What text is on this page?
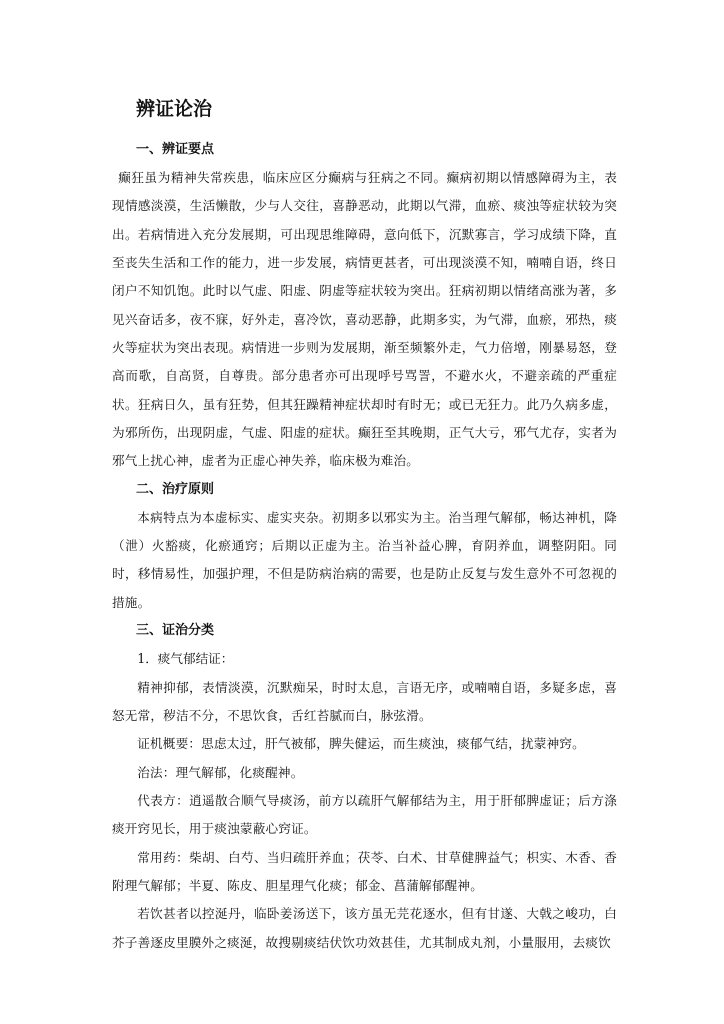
辨证论治
一、辨证要点

癫狂虽为精神失常疾患，临床应区分癫病与狂病之不同。癫病初期以情感障碍为主，表现情感淡漠，生活懒散，少与人交往，喜静恶动，此期以气滞，血瘀、痰浊等症状较为突出。若病情进入充分发展期，可出现思维障碍，意向低下，沉默寡言，学习成绩下降，直至丧失生活和工作的能力，进一步发展，病情更甚者，可出现淡漠不知，喃喃自语，终日闭户不知饥饱。此时以气虚、阳虚、阴虚等症状较为突出。狂病初期以情绪高涨为著，多见兴奋话多，夜不寐，好外走，喜冷饮，喜动恶静，此期多实，为气滞，血瘀，邪热，痰火等症状为突出表现。病情进一步则为发展期，渐至频繁外走，气力倍增，刚暴易怒，登高而歌，自高贤，自尊贵。部分患者亦可出现呼号骂詈，不避水火，不避亲疏的严重症状。狂病日久，虽有狂势，但其狂躁精神症状却时有时无；或已无狂力。此乃久病多虚，为邪所伤，出现阴虚，气虚、阳虚的症状。癫狂至其晚期，正气大亏，邪气尤存，实者为邪气上扰心神，虚者为正虚心神失养，临床极为难治。

二、治疗原则

本病特点为本虚标实、虚实夹杂。初期多以邪实为主。治当理气解郁，畅达神机，降（泄）火豁痰，化瘀通窍；后期以正虚为主。治当补益心脾，育阴养血，调整阴阳。同时，移情易性，加强护理，不但是防病治病的需要，也是防止反复与发生意外不可忽视的措施。

三、证治分类

1．痰气郁结证：

精神抑郁，表情淡漠，沉默痴呆，时时太息，言语无序，或喃喃自语，多疑多虑，喜怒无常，秽洁不分，不思饮食，舌红苔腻而白，脉弦滑。

证机概要：思虑太过，肝气被郁，脾失健运，而生痰浊，痰郁气结，扰蒙神窍。

治法：理气解郁，化痰醒神。

代表方：逍遥散合顺气导痰汤，前方以疏肝气解郁结为主，用于肝郁脾虚证；后方涤痰开窍见长，用于痰浊蒙蔽心窍证。

常用药：柴胡、白芍、当归疏肝养血；茯苓、白术、甘草健脾益气；枳实、木香、香附理气解郁；半夏、陈皮、胆星理气化痰；郁金、菖蒲解郁醒神。

若饮甚者以控涎丹，临卧姜汤送下，该方虽无芫花逐水，但有甘遂、大戟之峻功，白芥子善逐皮里膜外之痰涎，故搜剔痰结伏饮功效甚佳，尤其制成丸剂，小量服用，去痰饮
